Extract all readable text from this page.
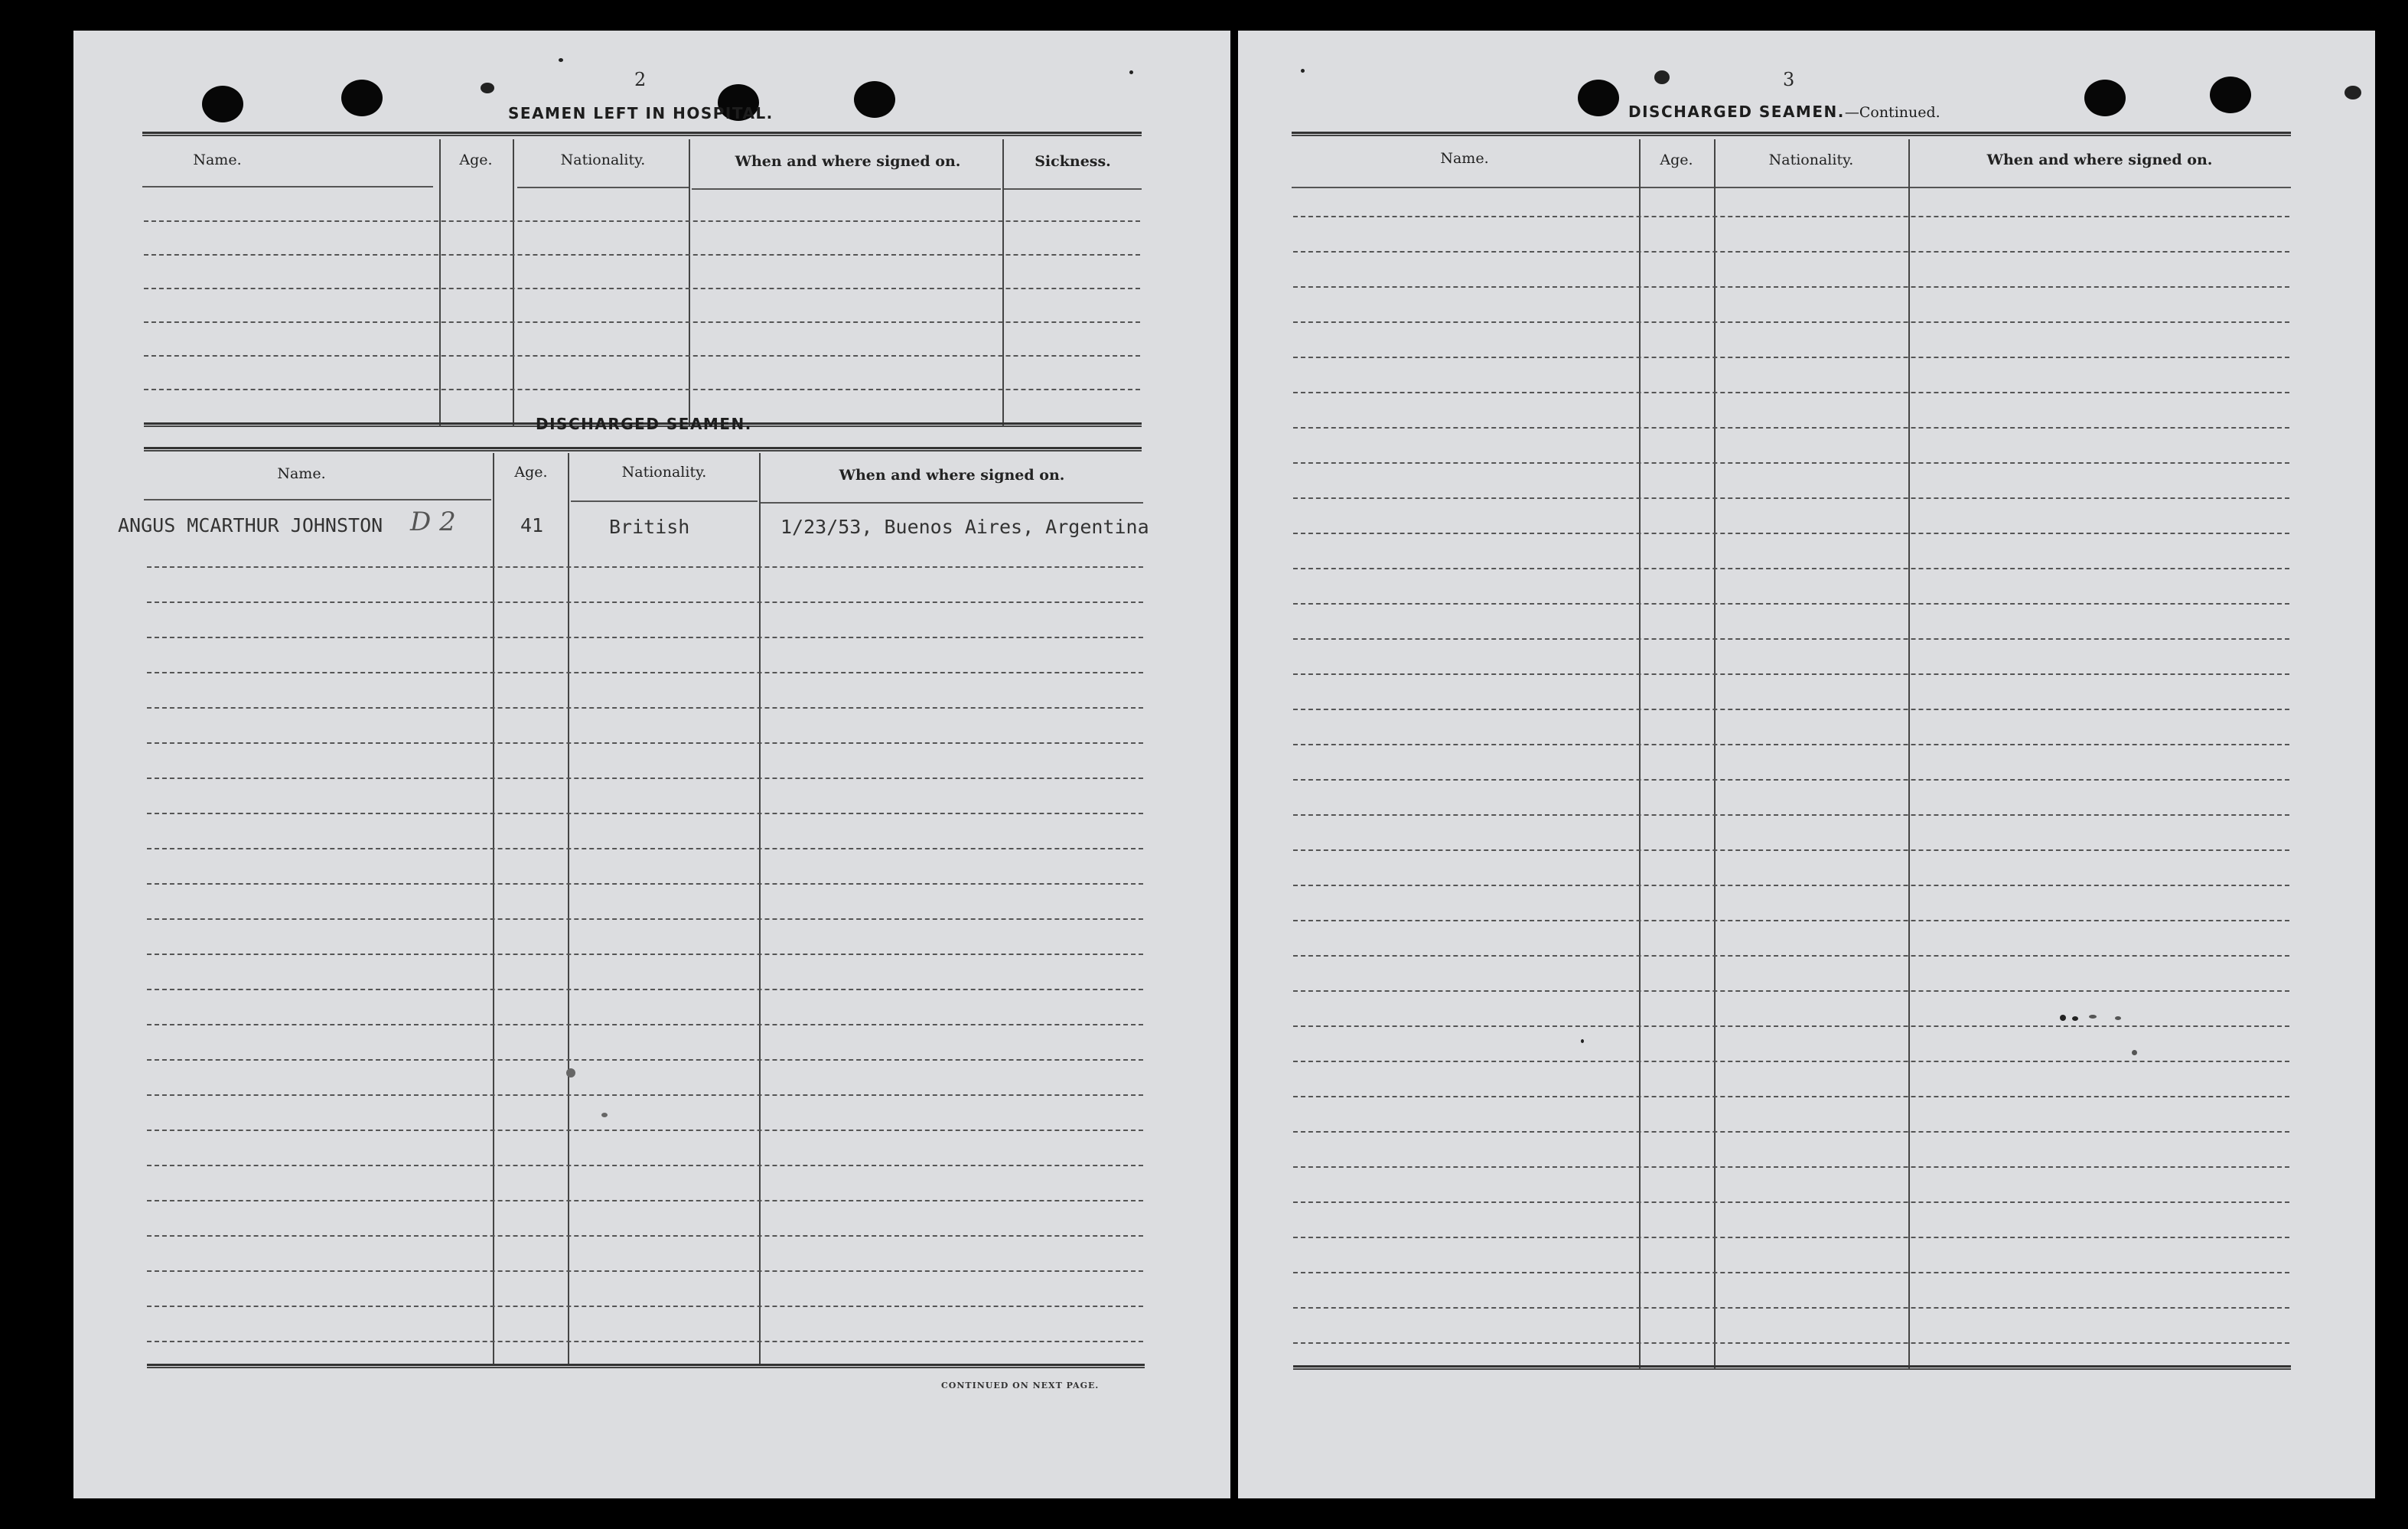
2
SEAMEN LEFT IN HOSPITAL.
Name.	Age.	Nationality.	When and where signed on.	Sickness.
DISCHARGED SEAMEN.
Name.	Age.	Nationality.	When and where signed on.
ANGUS MCARTHUR JOHNSTON D 2	41	British	1/23/53, Buenos Aires, Argentina
CONTINUED ON NEXT PAGE.
3
DISCHARGED SEAMEN.—Continued.
Name.	Age.	Nationality.	When and where signed on.
